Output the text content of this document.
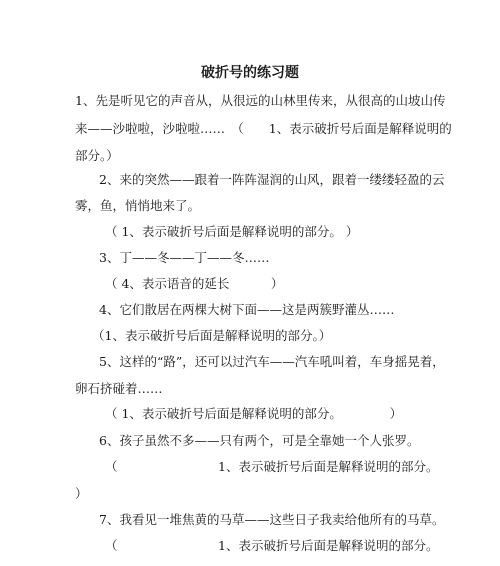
破折号的练习题
1、先是听见它的声音从，从很远的山林里传来，从很高的山坡山传
来——沙啦啦，沙啦啦……　（　　1、表示破折号后面是解释说明的
部分。）
2、来的突然——跟着一阵阵湿润的山风，跟着一缕缕轻盈的云
雾，鱼，悄悄地来了。
（ 1、表示破折号后面是解释说明的部分。 ）
3、丁——冬——丁——冬……
（ 4、表示语音的延长　　　 ）
4、它们散居在两棵大树下面——这是两簇野灌丛……
（1、表示破折号后面是解释说明的部分。）
5、这样的“路”，还可以过汽车——汽车吼叫着，车身摇晃着，
卵石挤碰着……
（ 1、表示破折号后面是解释说明的部分。　　　　 ）
6、孩子虽然不多——只有两个，可是全靠她一个人张罗。
（	1、表示破折号后面是解释说明的部分。
）
7、我看见一堆焦黄的马草——这些日子我卖给他所有的马草。
（	1、表示破折号后面是解释说明的部分。
